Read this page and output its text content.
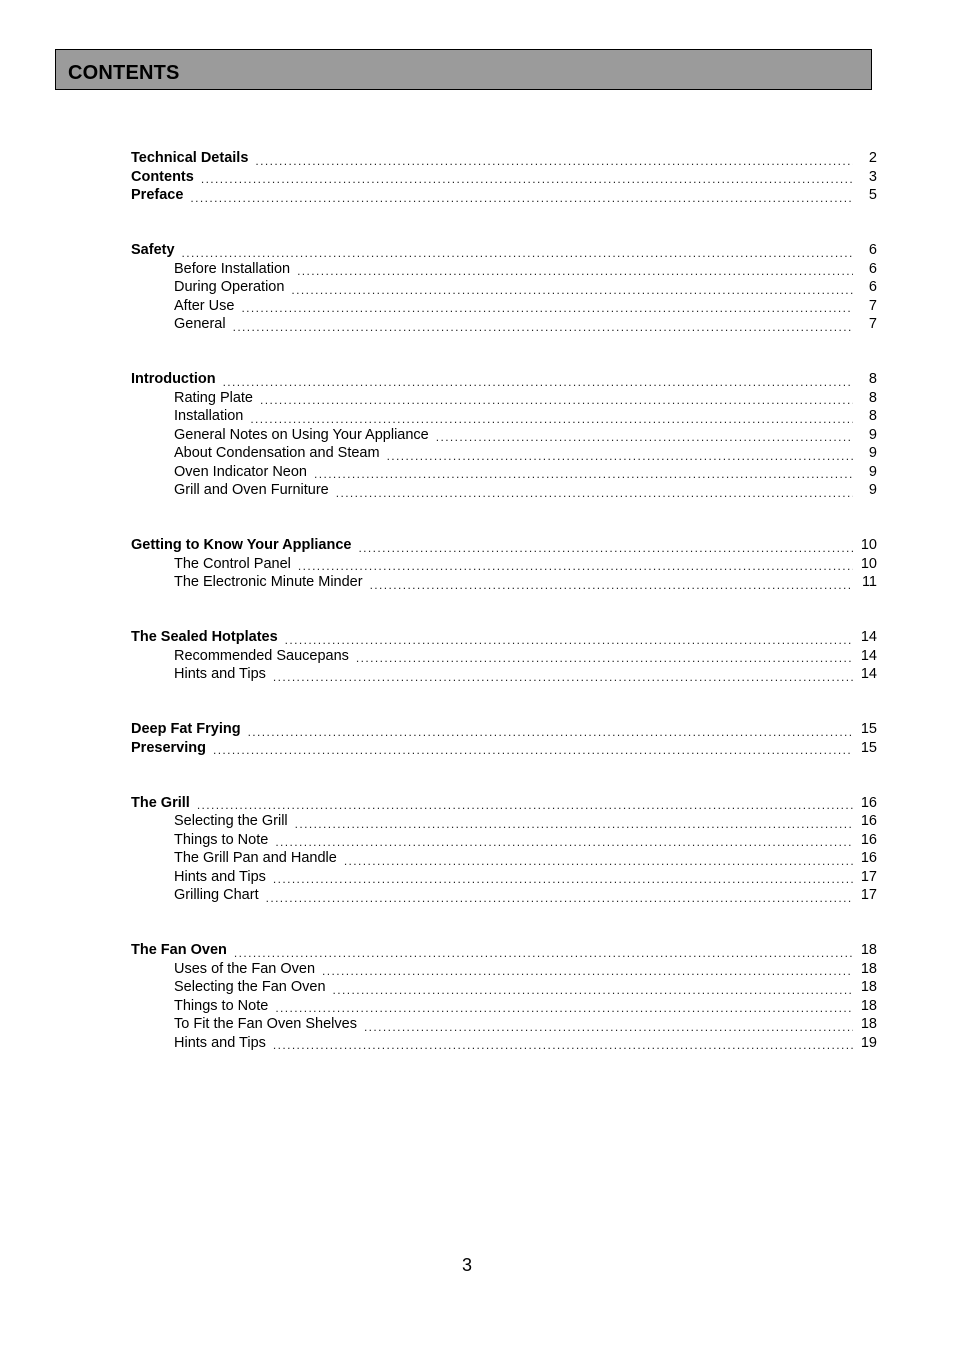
CONTENTS
Technical Details .....	2
Contents .....	3
Preface .....	5
Safety .....	6
Before Installation .....	6
During Operation .....	6
After Use .....	7
General .....	7
Introduction .....	8
Rating Plate .....	8
Installation .....	8
General Notes on Using Your Appliance .....	9
About Condensation and Steam .....	9
Oven Indicator Neon .....	9
Grill and Oven Furniture .....	9
Getting to Know Your Appliance .....	10
The Control Panel .....	10
The Electronic Minute Minder .....	11
The Sealed Hotplates .....	14
Recommended Saucepans .....	14
Hints and Tips .....	14
Deep Fat Frying .....	15
Preserving .....	15
The Grill .....	16
Selecting the Grill .....	16
Things to Note .....	16
The Grill Pan and Handle .....	16
Hints and Tips .....	17
Grilling Chart .....	17
The Fan Oven .....	18
Uses of the Fan Oven .....	18
Selecting the Fan Oven .....	18
Things to Note .....	18
To Fit the Fan Oven Shelves .....	18
Hints and Tips .....	19
3
